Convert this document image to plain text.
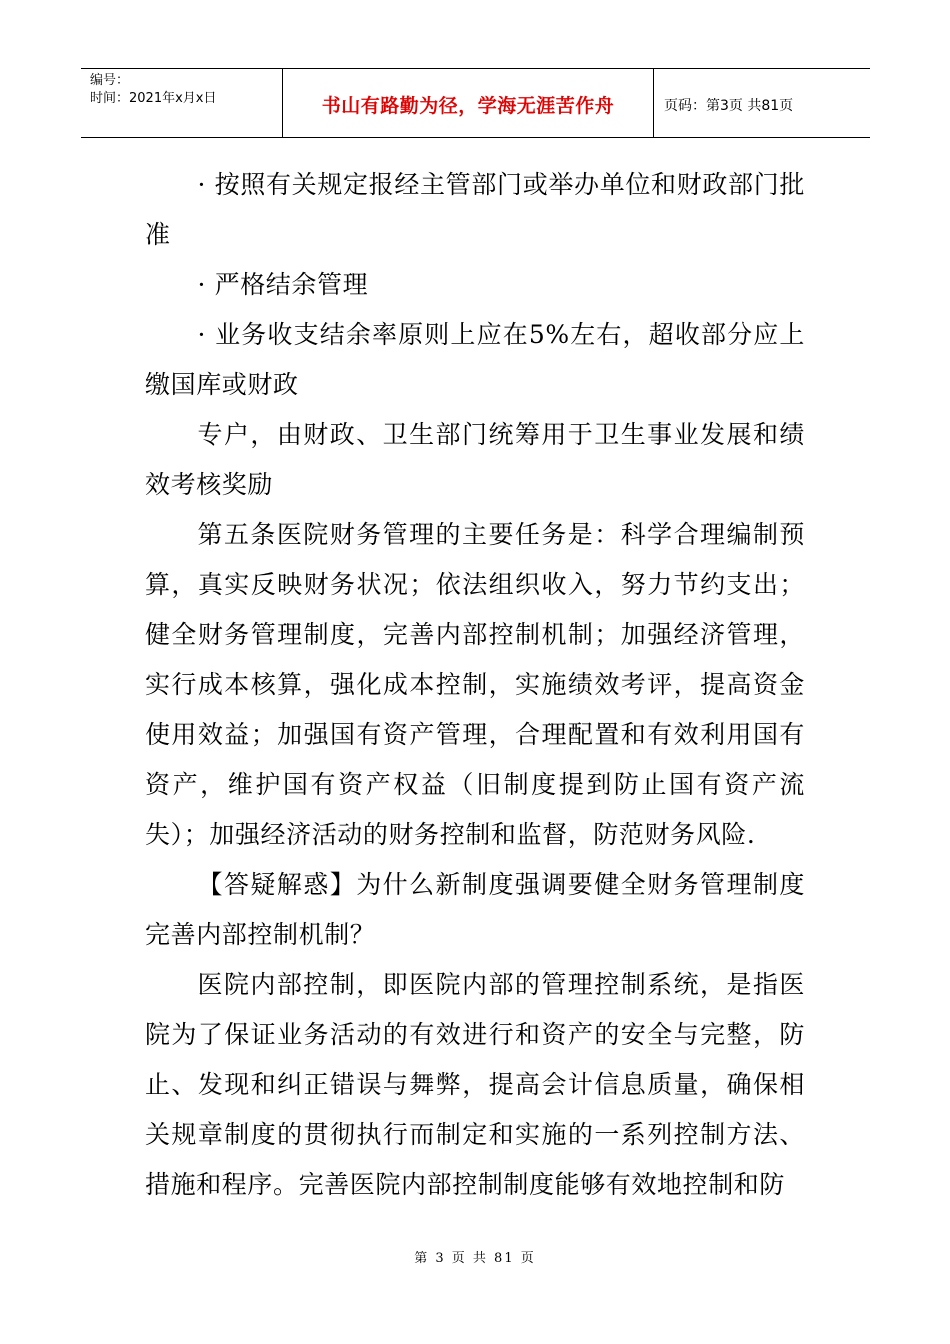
编号：
时间：2021年x月x日	书山有路勤为径，学海无涯苦作舟	页码：第3页 共81页

· 按照有关规定报经主管部门或举办单位和财政部门批准

· 严格结余管理

· 业务收支结余率原则上应在5%左右，超收部分应上缴国库或财政

专户，由财政、卫生部门统筹用于卫生事业发展和绩效考核奖励

第五条医院财务管理的主要任务是：科学合理编制预算，真实反映财务状况；依法组织收入，努力节约支出；健全财务管理制度，完善内部控制机制；加强经济管理，实行成本核算，强化成本控制，实施绩效考评，提高资金使用效益；加强国有资产管理，合理配置和有效利用国有资产，维护国有资产权益（旧制度提到防止国有资产流失）；加强经济活动的财务控制和监督，防范财务风险.

【答疑解惑】为什么新制度强调要健全财务管理制度完善内部控制机制？

医院内部控制，即医院内部的管理控制系统，是指医院为了保证业务活动的有效进行和资产的安全与完整，防止、发现和纠正错误与舞弊，提高会计信息质量，确保相关规章制度的贯彻执行而制定和实施的一系列控制方法、措施和程序。完善医院内部控制制度能够有效地控制和防

第 3 页 共 81 页
